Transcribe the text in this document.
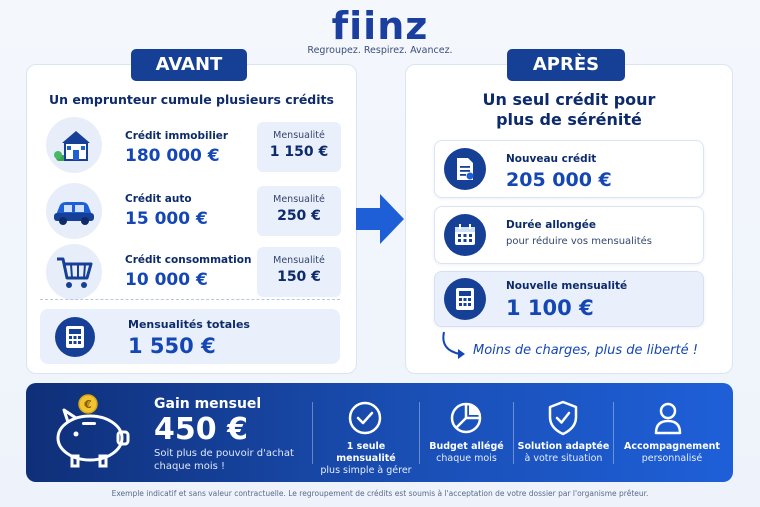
fiinz
Regroupez. Respirez. Avancez.
AVANT
Un emprunteur cumule plusieurs crédits
Crédit immobilier
180 000 €
Mensualité
1 150 €
Crédit auto
15 000 €
Mensualité
250 €
Crédit consommation
10 000 €
Mensualité
150 €
Mensualités totales
1 550 €
APRÈS
Un seul crédit pour
plus de sérénité
Nouveau crédit
205 000 €
Durée allongée
pour réduire vos mensualités
Nouvelle mensualité
1 100 €
Moins de charges, plus de liberté !
€	Gain mensuel
450 €
Soit plus de pouvoir d'achat
chaque mois !
1 seule mensualité
plus simple à gérer
Budget allégé
chaque mois
Solution adaptée
à votre situation
Accompagnement
personnalisé
Exemple indicatif et sans valeur contractuelle. Le regroupement de crédits est soumis à l'acceptation de votre dossier par l'organisme prêteur.
